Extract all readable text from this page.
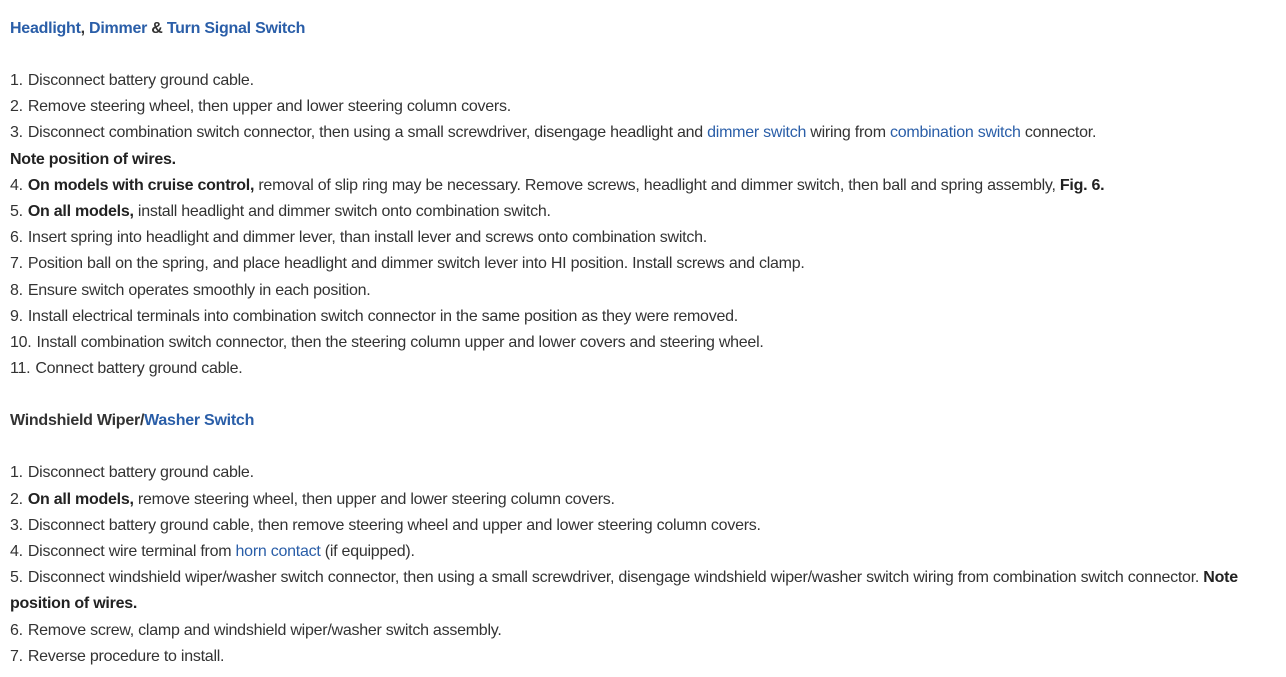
Headlight, Dimmer & Turn Signal Switch
1. Disconnect battery ground cable.
2. Remove steering wheel, then upper and lower steering column covers.
3. Disconnect combination switch connector, then using a small screwdriver, disengage headlight and dimmer switch wiring from combination switch connector.
Note position of wires.
4. On models with cruise control, removal of slip ring may be necessary. Remove screws, headlight and dimmer switch, then ball and spring assembly, Fig. 6.
5. On all models, install headlight and dimmer switch onto combination switch.
6. Insert spring into headlight and dimmer lever, than install lever and screws onto combination switch.
7. Position ball on the spring, and place headlight and dimmer switch lever into HI position. Install screws and clamp.
8. Ensure switch operates smoothly in each position.
9. Install electrical terminals into combination switch connector in the same position as they were removed.
10. Install combination switch connector, then the steering column upper and lower covers and steering wheel.
11. Connect battery ground cable.
Windshield Wiper/Washer Switch
1. Disconnect battery ground cable.
2. On all models, remove steering wheel, then upper and lower steering column covers.
3. Disconnect battery ground cable, then remove steering wheel and upper and lower steering column covers.
4. Disconnect wire terminal from horn contact (if equipped).
5. Disconnect windshield wiper/washer switch connector, then using a small screwdriver, disengage windshield wiper/washer switch wiring from combination switch connector. Note position of wires.
6. Remove screw, clamp and windshield wiper/washer switch assembly.
7. Reverse procedure to install.
